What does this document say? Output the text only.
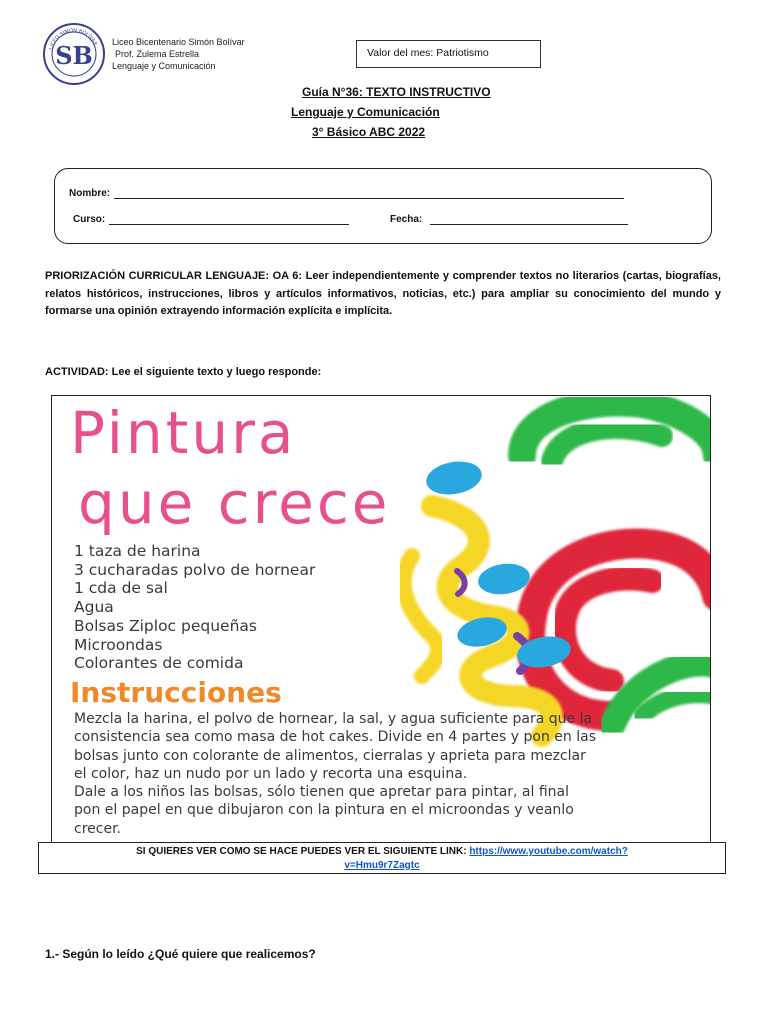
SB
LICEO SIMÓN BOLÍVAR Liceo Bicentenario Simón Bolívar
Prof. Zulema Estrella
Lenguaje y Comunicación
Valor del mes: Patriotismo
Guía N°36: TEXTO INSTRUCTIVO
Lenguaje y Comunicación
3° Básico ABC 2022
Nombre:
Curso:	Fecha:
PRIORIZACIÓN CURRICULAR LENGUAJE: OA 6: Leer independientemente y comprender textos no literarios (cartas, biografías, relatos históricos, instrucciones, libros y artículos informativos, noticias, etc.) para ampliar su conocimiento del mundo y formarse una opinión extrayendo información explícita e implícita.
ACTIVIDAD: Lee el siguiente texto y luego responde:
Pintura
que crece
1 taza de harina
3 cucharadas polvo de hornear
1 cda de sal
Agua
Bolsas Ziploc pequeñas
Microondas
Colorantes de comida
Instrucciones
Mezcla la harina, el polvo de hornear, la sal, y agua suficiente para que la
consistencia sea como masa de hot cakes. Divide en 4 partes y pon en las
bolsas junto con colorante de alimentos, cierralas y aprieta para mezclar
el color, haz un nudo por un lado y recorta una esquina.
Dale a los niños las bolsas, sólo tienen que apretar para pintar, al final
pon el papel en que dibujaron con la pintura en el microondas y veanlo
crecer.
SI QUIERES VER COMO SE HACE PUEDES VER EL SIGUIENTE LINK: https://www.youtube.com/watch?
v=Hmu9r7Zagtc
1.- Según lo leído ¿Qué quiere que realicemos?
